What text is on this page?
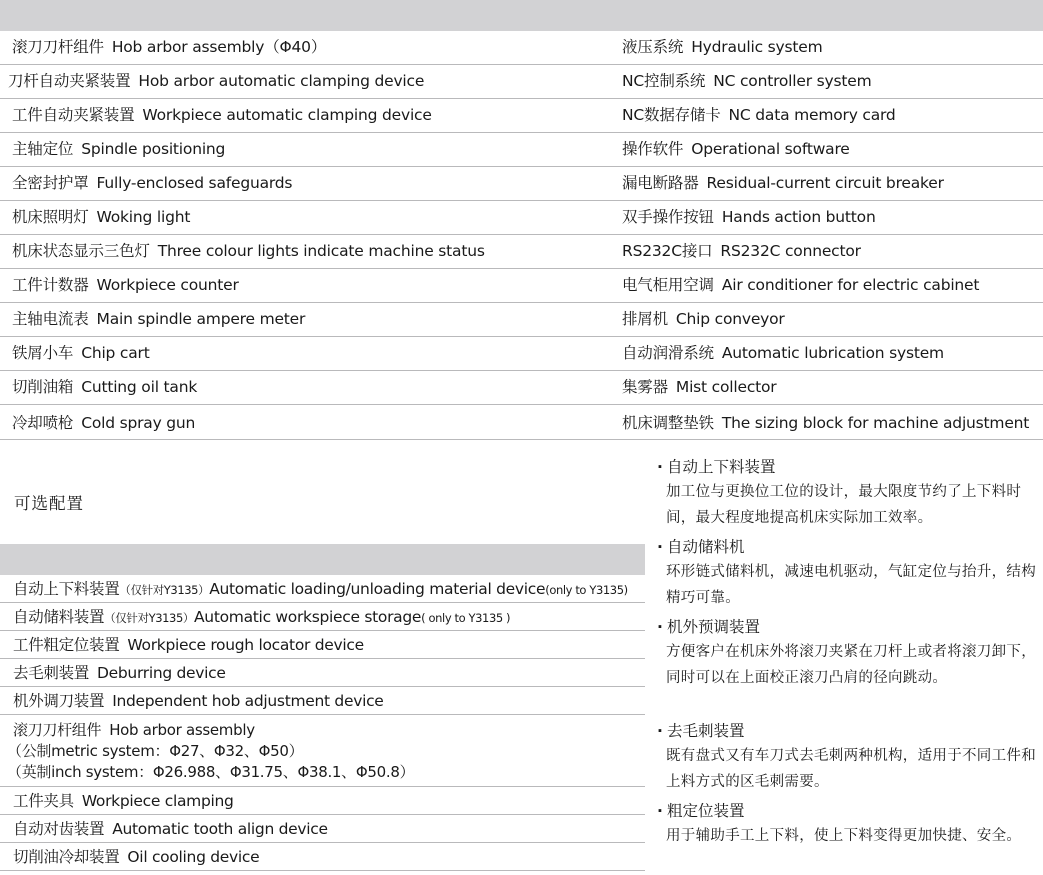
滚刀刀杆组件 Hob arbor assembly（Φ40）	液压系统 Hydraulic system
刀杆自动夹紧装置 Hob arbor automatic clamping device	NC控制系统 NC controller system
工件自动夹紧装置 Workpiece automatic clamping device	NC数据存储卡 NC data memory card
主轴定位 Spindle positioning	操作软件 Operational software
全密封护罩 Fully-enclosed safeguards	漏电断路器 Residual-current circuit breaker
机床照明灯 Woking light	双手操作按钮 Hands action button
机床状态显示三色灯 Three colour lights indicate machine status	RS232C接口 RS232C connector
工件计数器 Workpiece counter	电气柜用空调 Air conditioner for electric cabinet
主轴电流表 Main spindle ampere meter	排屑机 Chip conveyor
铁屑小车 Chip cart	自动润滑系统 Automatic lubrication system
切削油箱 Cutting oil tank	集雾器 Mist collector
冷却喷枪 Cold spray gun	机床调整垫铁 The sizing block for machine adjustment
可选配置
自动上下料装置（仅针对Y3135）Automatic loading/unloading material device(only to Y3135)
自动储料装置（仅针对Y3135）Automatic workspiece storage( only to Y3135 )
工件粗定位装置 Workpiece rough locator device
去毛刺装置 Deburring device
机外调刀装置 Independent hob adjustment device
滚刀刀杆组件 Hob arbor assembly
（公制metric system：Φ27、Φ32、Φ50）
（英制inch system：Φ26.988、Φ31.75、Φ38.1、Φ50.8）
工件夹具 Workpiece clamping
自动对齿装置 Automatic tooth align device
切削油冷却装置 Oil cooling device
· 自动上下料装置
加工位与更换位工位的设计，最大限度节约了上下料时间，最大程度地提高机床实际加工效率。
· 自动储料机
环形链式储料机，减速电机驱动，气缸定位与抬升，结构精巧可靠。
· 机外预调装置
方便客户在机床外将滚刀夹紧在刀杆上或者将滚刀卸下，同时可以在上面校正滚刀凸肩的径向跳动。
· 去毛刺装置
既有盘式又有车刀式去毛刺两种机构，适用于不同工件和上料方式的区毛刺需要。
· 粗定位装置
用于辅助手工上下料，使上下料变得更加快捷、安全。
